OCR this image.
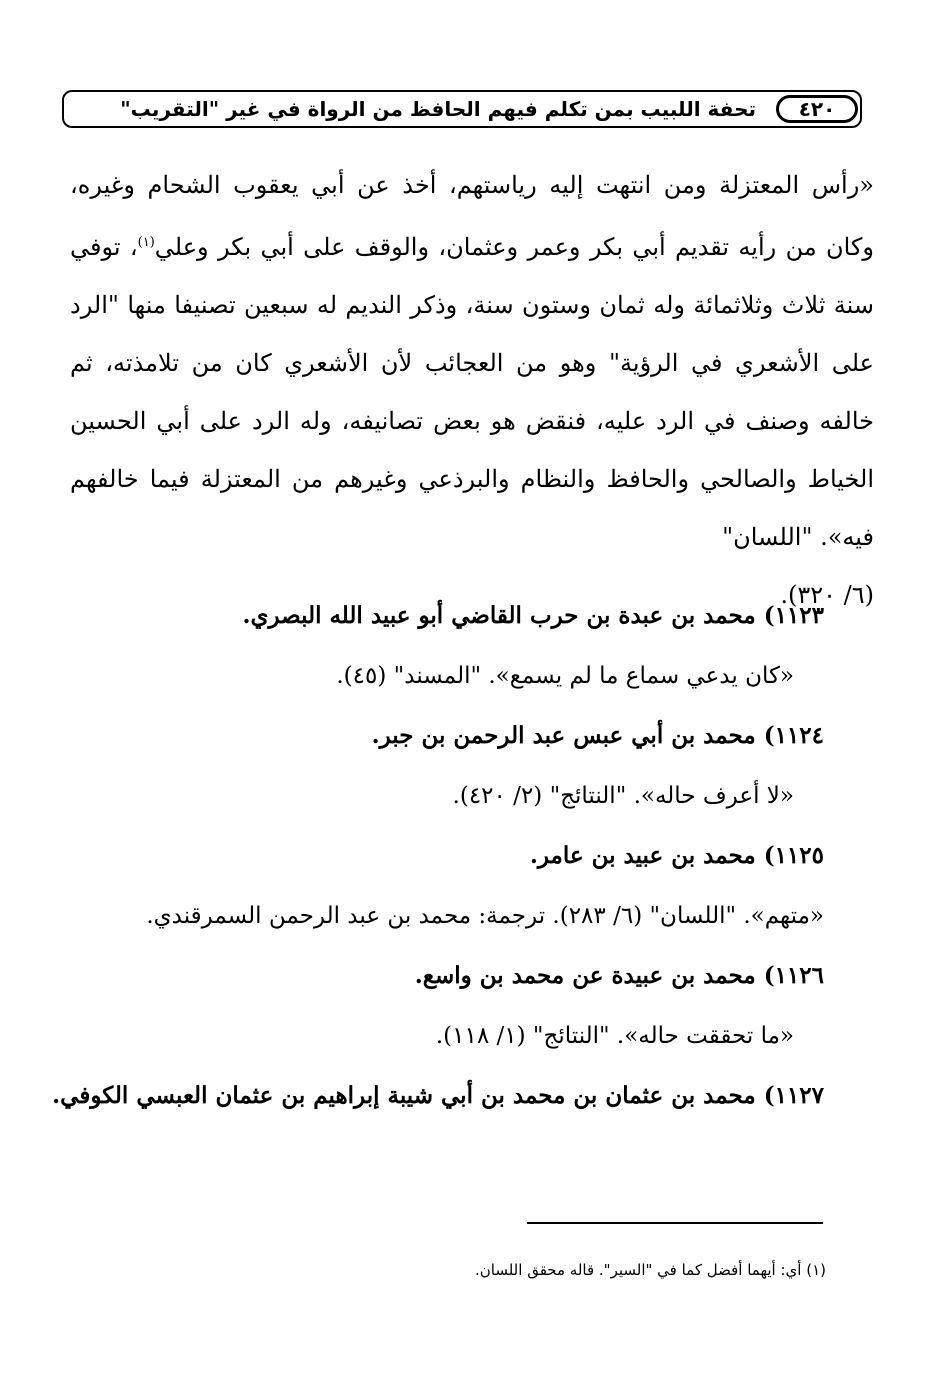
٤٢٠
تحفة اللبيب بمن تكلم فيهم الحافظ من الرواة في غير "التقريب"

«رأس المعتزلة ومن انتهت إليه رياستهم، أخذ عن أبي يعقوب الشحام وغيره، وكان من رأيه تقديم أبي بكر وعمر وعثمان، والوقف على أبي بكر وعلي$^{(١)}$، توفي سنة ثلاث وثلاثمائة وله ثمان وستون سنة، وذكر النديم له سبعين تصنيفا منها "الرد على الأشعري في الرؤية" وهو من العجائب لأن الأشعري كان من تلامذته، ثم خالفه وصنف في الرد عليه، فنقض هو بعض تصانيفه، وله الرد على أبي الحسين الخياط والصالحي والحافظ والنظام والبرذعي وغيرهم من المعتزلة فيما خالفهم فيه». "اللسان"

(٦/ ٣٢٠).

١١٢٣) محمد بن عبدة بن حرب القاضي أبو عبيد الله البصري.

«كان يدعي سماع ما لم يسمع». "المسند" (٤٥).

١١٢٤) محمد بن أبي عبس عبد الرحمن بن جبر.

«لا أعرف حاله». "النتائج" (٢/ ٤٢٠).

١١٢٥) محمد بن عبيد بن عامر.

«متهم». "اللسان" (٦/ ٢٨٣). ترجمة: محمد بن عبد الرحمن السمرقندي.

١١٢٦) محمد بن عبيدة عن محمد بن واسع.

«ما تحققت حاله». "النتائج" (١/ ١١٨).

١١٢٧) محمد بن عثمان بن محمد بن أبي شيبة إبراهيم بن عثمان العبسي الكوفي.

(١) أي: أيهما أفضل كما في "السير". قاله محقق اللسان.
